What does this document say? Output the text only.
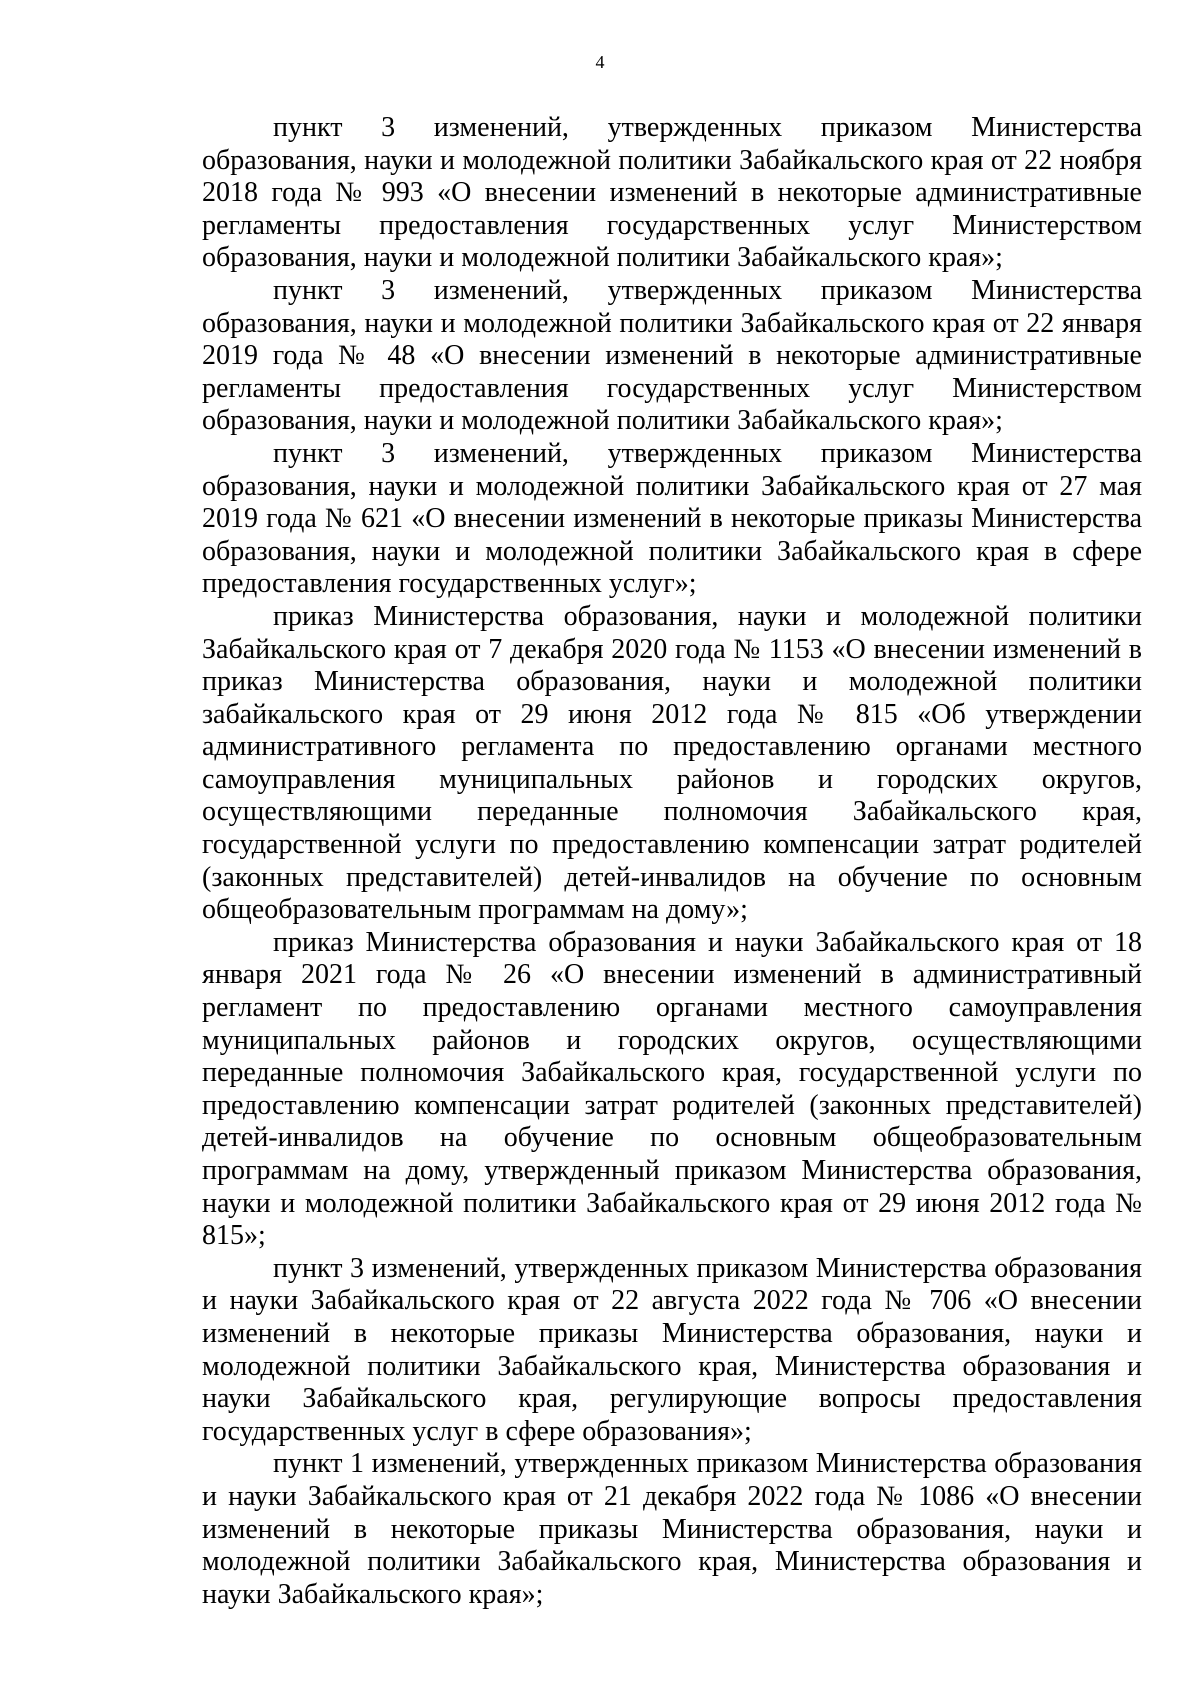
4

пункт 3 изменений, утвержденных приказом Министерства образования, науки и молодежной политики Забайкальского края от 22 ноября 2018 года № 993 «О внесении изменений в некоторые административные регламенты предоставления государственных услуг Министерством образования, науки и молодежной политики Забайкальского края»;

пункт 3 изменений, утвержденных приказом Министерства образования, науки и молодежной политики Забайкальского края от 22 января 2019 года № 48 «О внесении изменений в некоторые административные регламенты предоставления государственных услуг Министерством образования, науки и молодежной политики Забайкальского края»;

пункт 3 изменений, утвержденных приказом Министерства образования, науки и молодежной политики Забайкальского края от 27 мая 2019 года № 621 «О внесении изменений в некоторые приказы Министерства образования, науки и молодежной политики Забайкальского края в сфере предоставления государственных услуг»;

приказ Министерства образования, науки и молодежной политики Забайкальского края от 7 декабря 2020 года № 1153 «О внесении изменений в приказ Министерства образования, науки и молодежной политики забайкальского края от 29 июня 2012 года № 815 «Об утверждении административного регламента по предоставлению органами местного самоуправления муниципальных районов и городских округов, осуществляющими переданные полномочия Забайкальского края, государственной услуги по предоставлению компенсации затрат родителей (законных представителей) детей-инвалидов на обучение по основным общеобразовательным программам на дому»;

приказ Министерства образования и науки Забайкальского края от 18 января 2021 года № 26 «О внесении изменений в административный регламент по предоставлению органами местного самоуправления муниципальных районов и городских округов, осуществляющими переданные полномочия Забайкальского края, государственной услуги по предоставлению компенсации затрат родителей (законных представителей) детей-инвалидов на обучение по основным общеобразовательным программам на дому, утвержденный приказом Министерства образования, науки и молодежной политики Забайкальского края от 29 июня 2012 года № 815»;

пункт 3 изменений, утвержденных приказом Министерства образования и науки Забайкальского края от 22 августа 2022 года № 706 «О внесении изменений в некоторые приказы Министерства образования, науки и молодежной политики Забайкальского края, Министерства образования и науки Забайкальского края, регулирующие вопросы предоставления государственных услуг в сфере образования»;

пункт 1 изменений, утвержденных приказом Министерства образования и науки Забайкальского края от 21 декабря 2022 года № 1086 «О внесении изменений в некоторые приказы Министерства образования, науки и молодежной политики Забайкальского края, Министерства образования и науки Забайкальского края»;
